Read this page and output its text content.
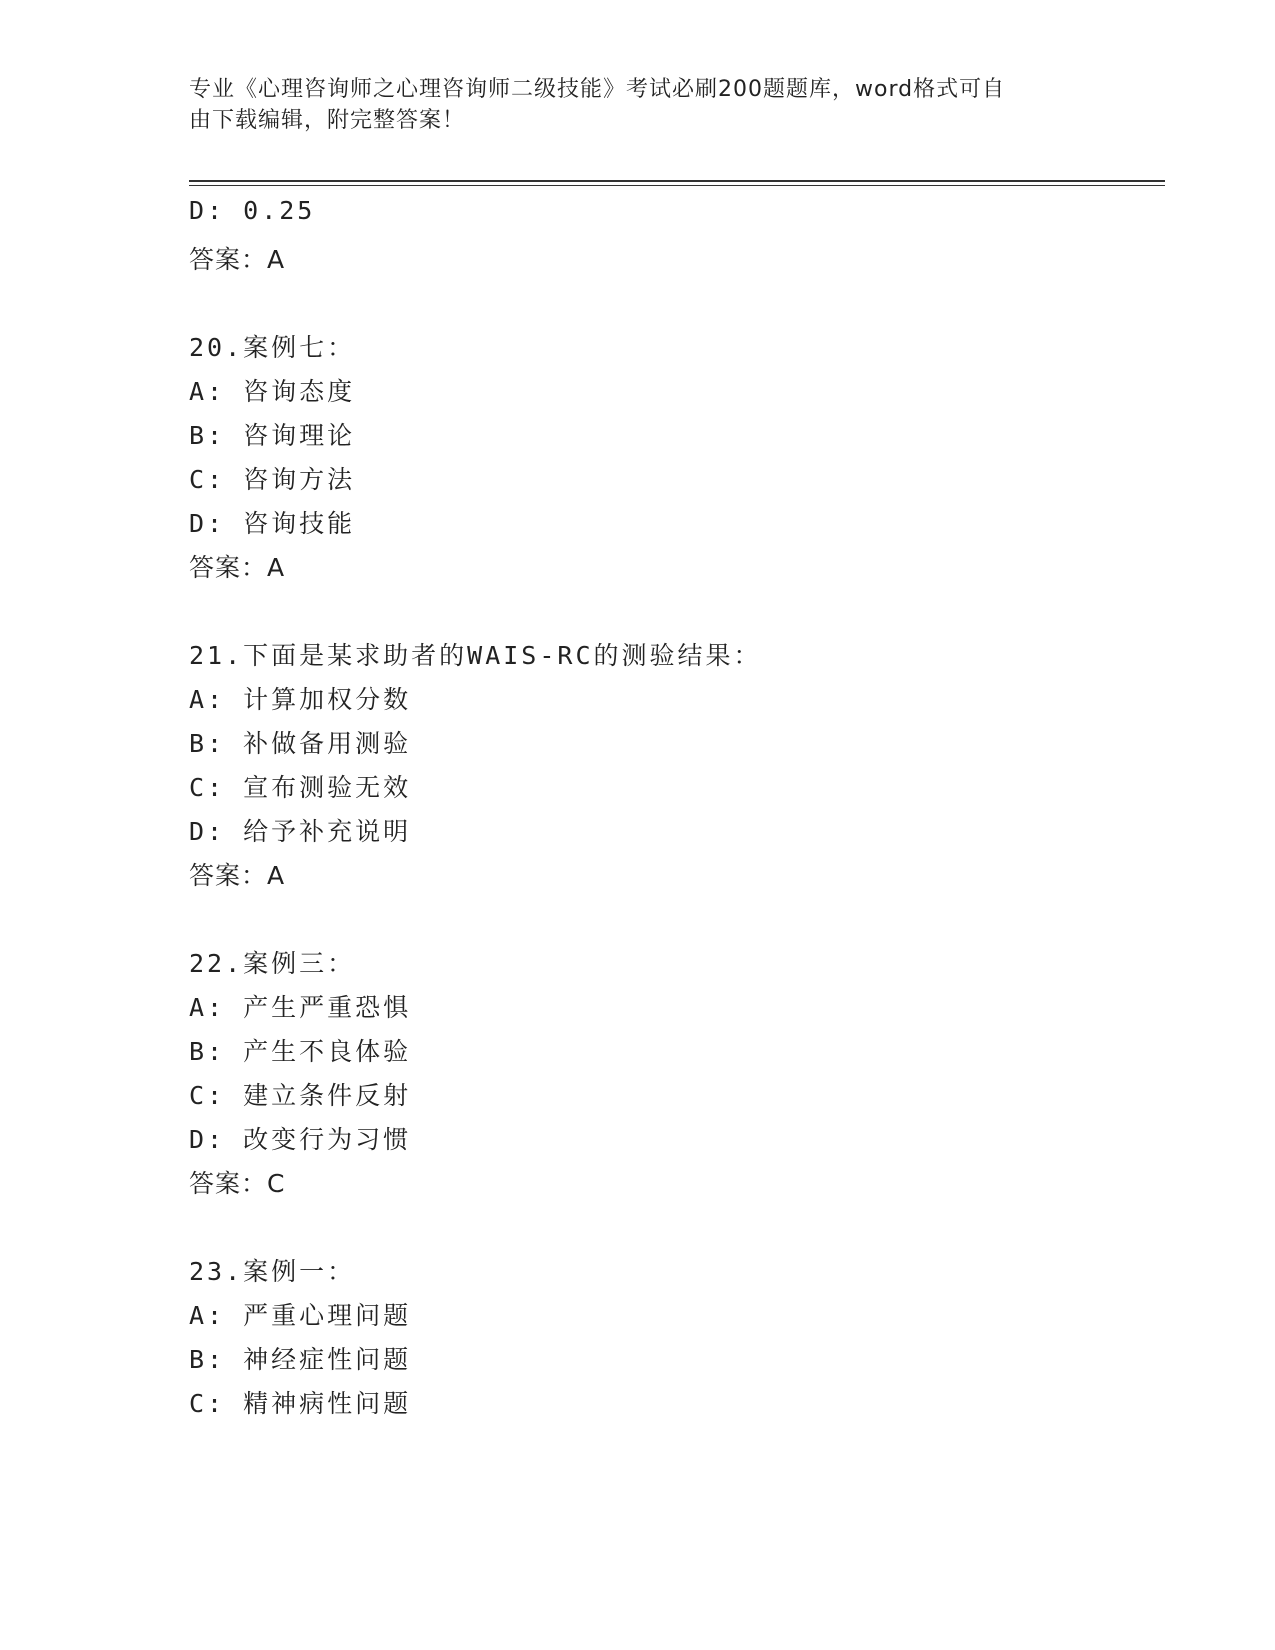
专业《心理咨询师之心理咨询师二级技能》考试必刷200题题库，word格式可自
由下载编辑，附完整答案！
D: 0.25
答案：A
20.案例七：
A: 咨询态度
B: 咨询理论
C: 咨询方法
D: 咨询技能
答案：A
21.下面是某求助者的WAIS-RC的测验结果：
A: 计算加权分数
B: 补做备用测验
C: 宣布测验无效
D: 给予补充说明
答案：A
22.案例三：
A: 产生严重恐惧
B: 产生不良体验
C: 建立条件反射
D: 改变行为习惯
答案：C
23.案例一：
A: 严重心理问题
B: 神经症性问题
C: 精神病性问题
